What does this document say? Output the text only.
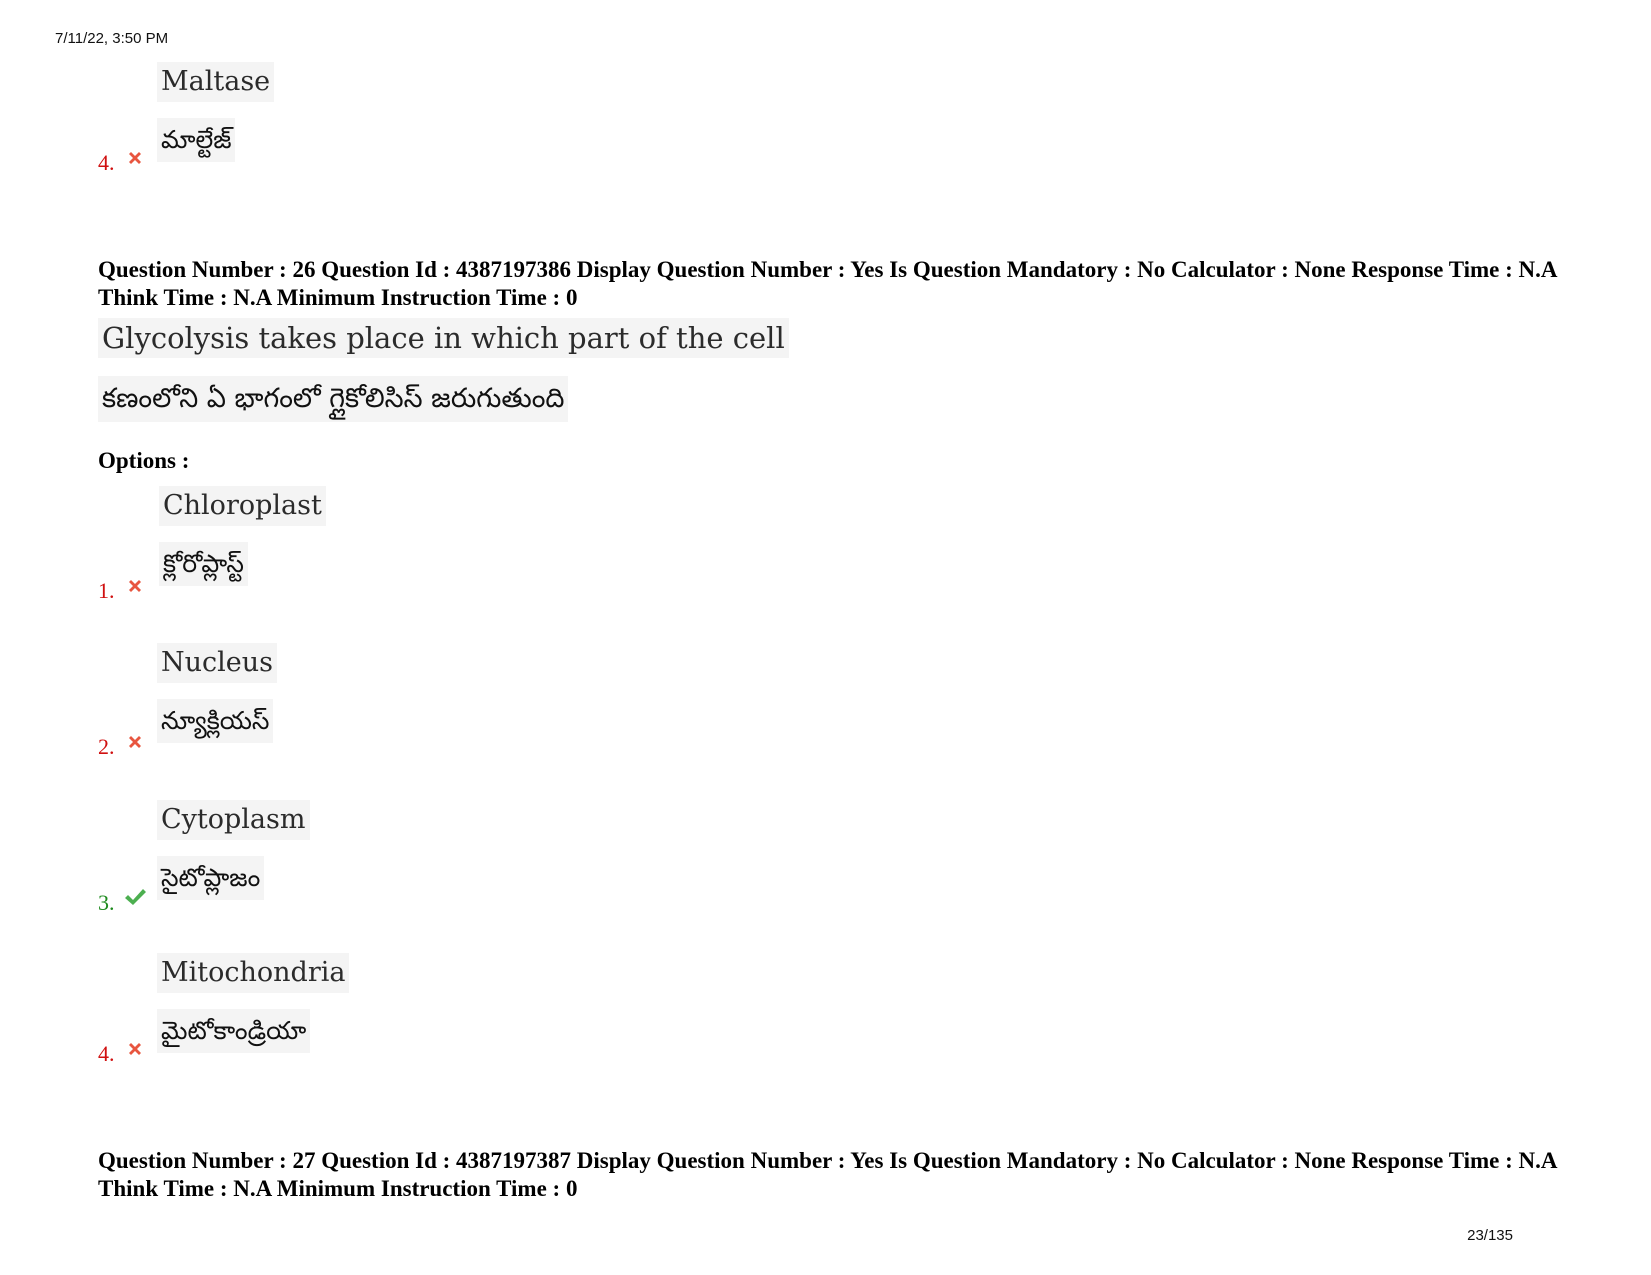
7/11/22, 3:50 PM
Maltase
మాల్టేజ్
4.
Question Number : 26 Question Id : 4387197386 Display Question Number : Yes Is Question Mandatory : No Calculator : None Response Time : N.A Think Time : N.A Minimum Instruction Time : 0
Glycolysis takes place in which part of the cell
కణంలోని ఏ భాగంలో గ్లైకోలిసిస్ జరుగుతుంది
Options :
Chloroplast
క్లోరోప్లాస్ట్
1.
Nucleus
న్యూక్లియస్
2.
Cytoplasm
సైటోప్లాజం
3.
Mitochondria
మైటోకాండ్రియా
4.
Question Number : 27 Question Id : 4387197387 Display Question Number : Yes Is Question Mandatory : No Calculator : None Response Time : N.A Think Time : N.A Minimum Instruction Time : 0
23/135
